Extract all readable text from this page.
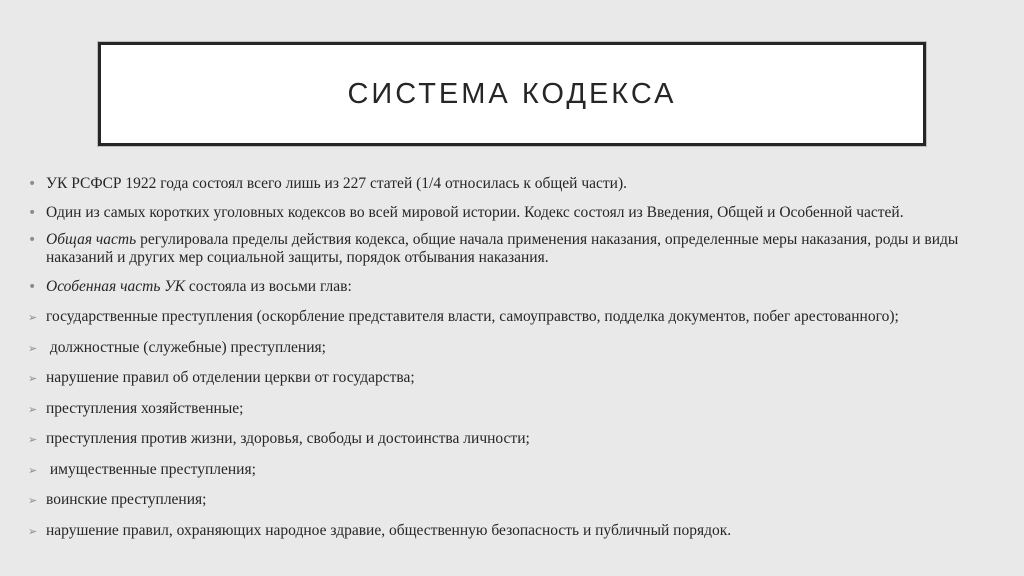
СИСТЕМА КОДЕКСА
• УК РСФСР 1922 года состоял всего лишь из 227 статей (1/4 относилась к общей части).
• Один из самых коротких уголовных кодексов во всей мировой истории. Кодекс состоял из Введения, Общей и Особенной частей.
• Общая часть регулировала пределы действия кодекса, общие начала применения наказания, определенные меры наказания, роды и виды наказаний и других мер социальной защиты, порядок отбывания наказания.
• Особенная часть УК состояла из восьми глав:
➢ государственные преступления (оскорбление представителя власти, самоуправство, подделка документов, побег арестованного);
➢ должностные (служебные) преступления;
➢ нарушение правил об отделении церкви от государства;
➢ преступления хозяйственные;
➢ преступления против жизни, здоровья, свободы и достоинства личности;
➢ имущественные преступления;
➢ воинские преступления;
➢ нарушение правил, охраняющих народное здравие, общественную безопасность и публичный порядок.
